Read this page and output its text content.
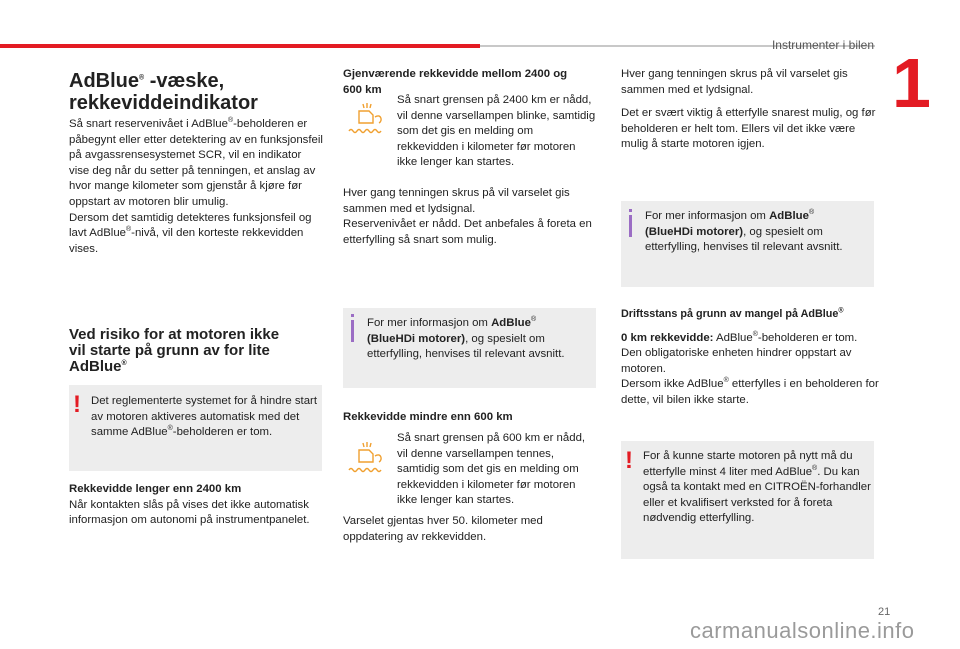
Instrumenter i bilen 1
AdBlue® -væske,
rekkeviddeindikator

Så snart reservenivået i AdBlue®-beholderen er påbegynt eller etter detektering av en funksjonsfeil på avgassrensesystemet SCR, vil en indikator vise deg når du setter på tenningen, et anslag av hvor mange kilometer som gjenstår å kjøre før oppstart av motoren blir umulig.
Dersom det samtidig detekteres funksjonsfeil og lavt AdBlue®-nivå, vil den korteste rekkevidden vises.

Ved risiko for at motoren ikke
vil starte på grunn av for lite
AdBlue®
! Det reglementerte systemet for å hindre start av motoren aktiveres automatisk med det samme AdBlue®-beholderen er tom.

Rekkevidde lenger enn 2400 km

Når kontakten slås på vises det ikke automatisk informasjon om autonomi på instrumentpanelet.

Gjenværende rekkevidde mellom 2400 og

600 km

Så snart grensen på 2400 km er nådd, vil denne varsellampen blinke, samtidig som det gis en melding om rekkevidden i kilometer før motoren ikke lenger kan startes.

Hver gang tenningen skrus på vil varselet gis sammen med et lydsignal.

Reservenivået er nådd. Det anbefales å foreta en etterfylling så snart som mulig.

For mer informasjon om AdBlue®
(BlueHDi motorer), og spesielt om etterfylling, henvises til relevant avsnitt.

Rekkevidde mindre enn 600 km

Så snart grensen på 600 km er nådd, vil denne varsellampen tennes, samtidig som det gis en melding om rekkevidden i kilometer før motoren ikke lenger kan startes.

Varselet gjentas hver 50. kilometer med oppdatering av rekkevidden.

Hver gang tenningen skrus på vil varselet gis sammen med et lydsignal.

Det er svært viktig å etterfylle snarest mulig, og før beholderen er helt tom. Ellers vil det ikke være mulig å starte motoren igjen.

For mer informasjon om AdBlue®
(BlueHDi motorer), og spesielt om etterfylling, henvises til relevant avsnitt.

Driftsstans på grunn av mangel på AdBlue®

0 km rekkevidde: AdBlue®-beholderen er tom. Den obligatoriske enheten hindrer oppstart av motoren.
Dersom ikke AdBlue® etterfylles i en beholderen for dette, vil bilen ikke starte.

! For å kunne starte motoren på nytt må du etterfylle minst 4 liter med AdBlue®. Du kan også ta kontakt med en CITROËN-forhandler eller et kvalifisert verksted for å foreta nødvendig etterfylling.

21
carmanualsonline.info
